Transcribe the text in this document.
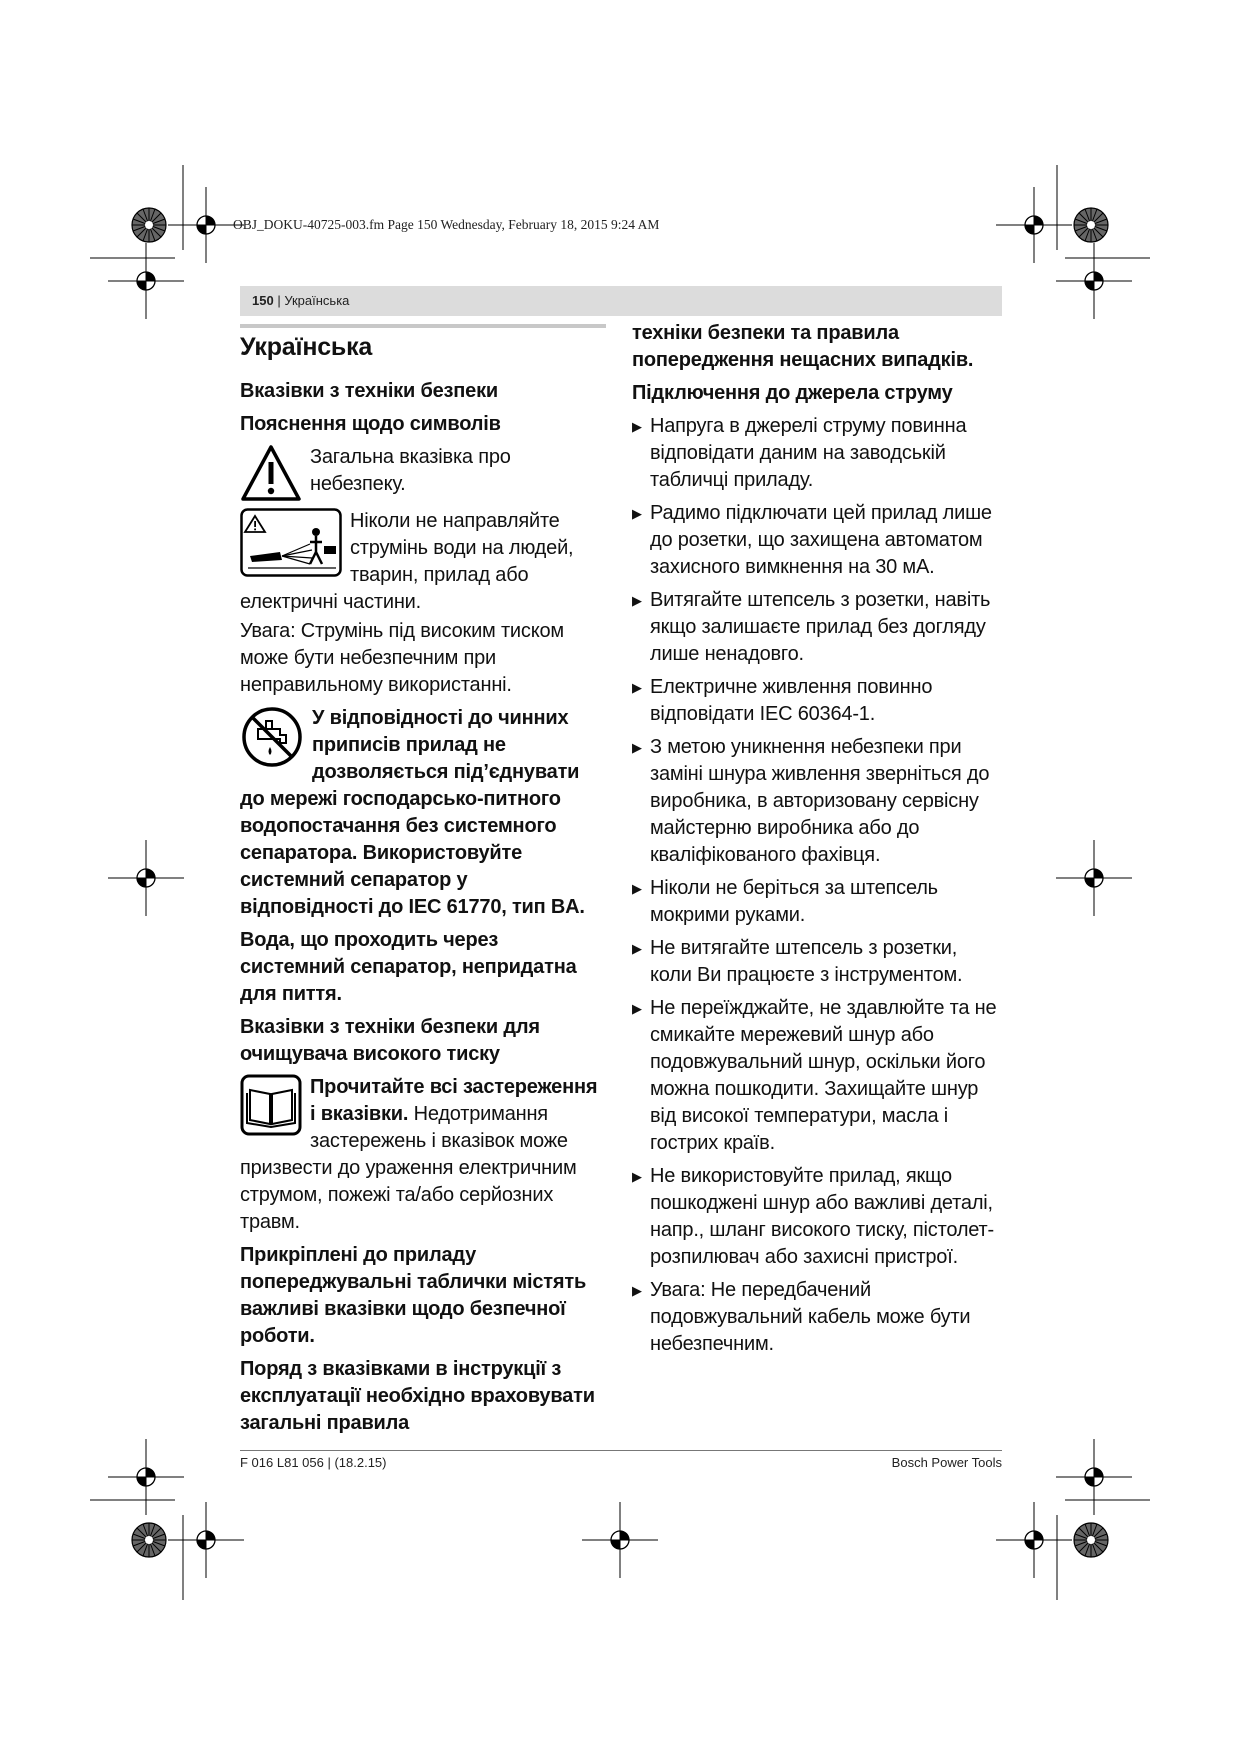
OBJ_DOKU-40725-003.fm Page 150 Wednesday, February 18, 2015 9:24 AM
150 | Українська
Українська
Вказівки з техніки безпеки
Пояснення щодо символів
Загальна вказівка про небезпеку.
Ніколи не направляйте струмінь води на людей, тварин, прилад або електричні частини.

Увага: Струмінь під високим тиском може бути небезпечним при неправильному використанні.

У відповідності до чинних приписів прилад не дозволяється під’єднувати до мережі господарсько-питного водопостачання без системного сепаратора. Використовуйте системний сепаратор у відповідності до IEC 61770, тип BA.

Вода, що проходить через системний сепаратор, непридатна для пиття.

Вказівки з техніки безпеки для очищувача високого тиску
Прочитайте всі застереження і вказівки. Недотримання застережень і вказівок може призвести до ураження електричним струмом, пожежі та/або серйозних травм.

Прикріплені до приладу попереджувальні таблички містять важливі вказівки щодо безпечної роботи.

Поряд з вказівками в інструкції з експлуатації необхідно враховувати загальні правила

техніки безпеки та правила попередження нещасних випадків.

Підключення до джерела струму
▶ Напруга в джерелі струму повинна відповідати даним на заводській табличці приладу.
▶ Радимо підключати цей прилад лише до розетки, що захищена автоматом захисного вимкнення на 30 мА.
▶ Витягайте штепсель з розетки, навіть якщо залишаєте прилад без догляду лише ненадовго.
▶ Електричне живлення повинно відповідати IEC 60364-1.
▶ З метою уникнення небезпеки при заміні шнура живлення зверніться до виробника, в авторизовану сервісну майстерню виробника або до кваліфікованого фахівця.
▶ Ніколи не беріться за штепсель мокрими руками.
▶ Не витягайте штепсель з розетки, коли Ви працюєте з інструментом.
▶ Не переїжджайте, не здавлюйте та не смикайте мережевий шнур або подовжувальний шнур, оскільки його можна пошкодити. Захищайте шнур від високої температури, масла і гострих країв.
▶ Не використовуйте прилад, якщо пошкоджені шнур або важливі деталі, напр., шланг високого тиску, пістолет-розпилювач або захисні пристрої.
▶ Увага: Не передбачений подовжувальний кабель може бути небезпечним.
F 016 L81 056 | (18.2.15)	Bosch Power Tools
